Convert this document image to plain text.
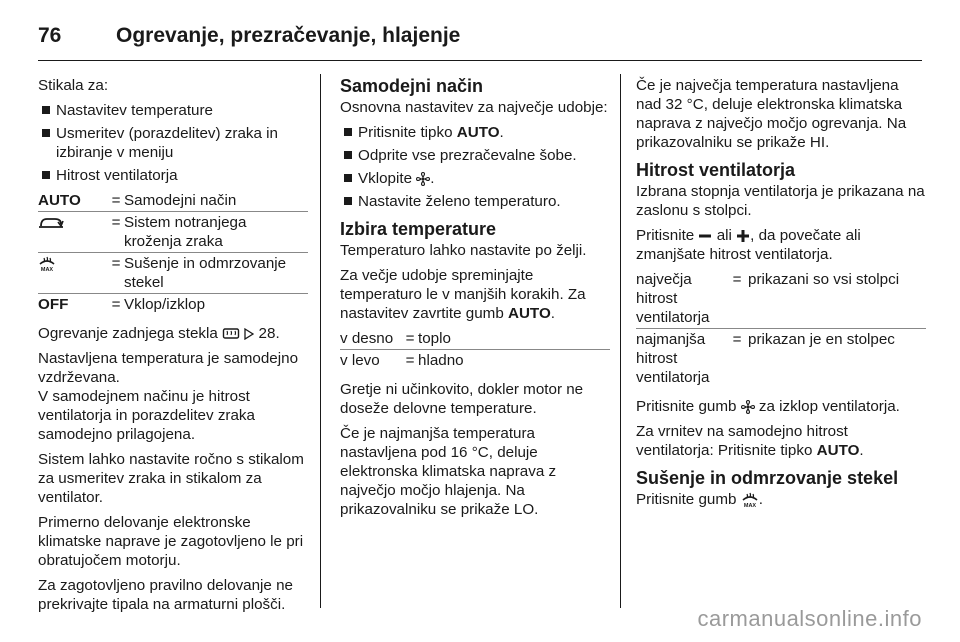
76	Ogrevanje, prezračevanje, hlajenje

Stikala za:

Nastavitev temperature
Usmeritev (porazdelitev) zraka in izbiranje v meniju
Hitrost ventilatorja
AUTO	= Samodejni način
= Sistem notranjega kroženja zraka
MAX	= Sušenje in odmrzovanje stekel
OFF	= Vklop/izklop

Ogrevanje zadnjega stekla	28.

Nastavljena temperatura je samodejno vzdrževana.

V samodejnem načinu je hitrost ventilatorja in porazdelitev zraka samodejno prilagojena.

Sistem lahko nastavite ročno s stikalom za usmeritev zraka in stikalom za ventilator.

Primerno delovanje elektronske klimatske naprave je zagotovljeno le pri obratujočem motorju.

Za zagotovljeno pravilno delovanje ne prekrivajte tipala na armaturni plošči.

Samodejni način

Osnovna nastavitev za največje udobje:

Pritisnite tipko AUTO.
Odprite vse prezračevalne šobe.
Vklopite .
Nastavite želeno temperaturo.
Izbira temperature

Temperaturo lahko nastavite po želji.

Za večje udobje spreminjajte temperaturo le v manjših korakih. Za nastavitev zavrtite gumb AUTO.

v desno = toplo
v levo	= hladno

Gretje ni učinkovito, dokler motor ne doseže delovne temperature.

Če je najmanjša temperatura nastavljena pod 16 °C, deluje elektronska klimatska naprava z največjo močjo hlajenja. Na prikazovalniku se prikaže LO.

Če je največja temperatura nastavljena nad 32 °C, deluje elektronska klimatska naprava z največjo močjo ogrevanja. Na prikazovalniku se prikaže HI.

Hitrost ventilatorja

Izbrana stopnja ventilatorja je prikazana na zaslonu s stolpci.

Pritisnite ali , da povečate ali zmanjšate hitrost ventilatorja.

največja hitrost ventilatorja
= prikazani so vsi stolpci
najmanjša hitrost ventilatorja
= prikazan je en stolpec

Pritisnite gumb za izklop ventilatorja.

Za vrnitev na samodejno hitrost ventilatorja: Pritisnite tipko AUTO.

Sušenje in odmrzovanje stekel

Pritisnite gumb MAX .

carmanualsonline.info
